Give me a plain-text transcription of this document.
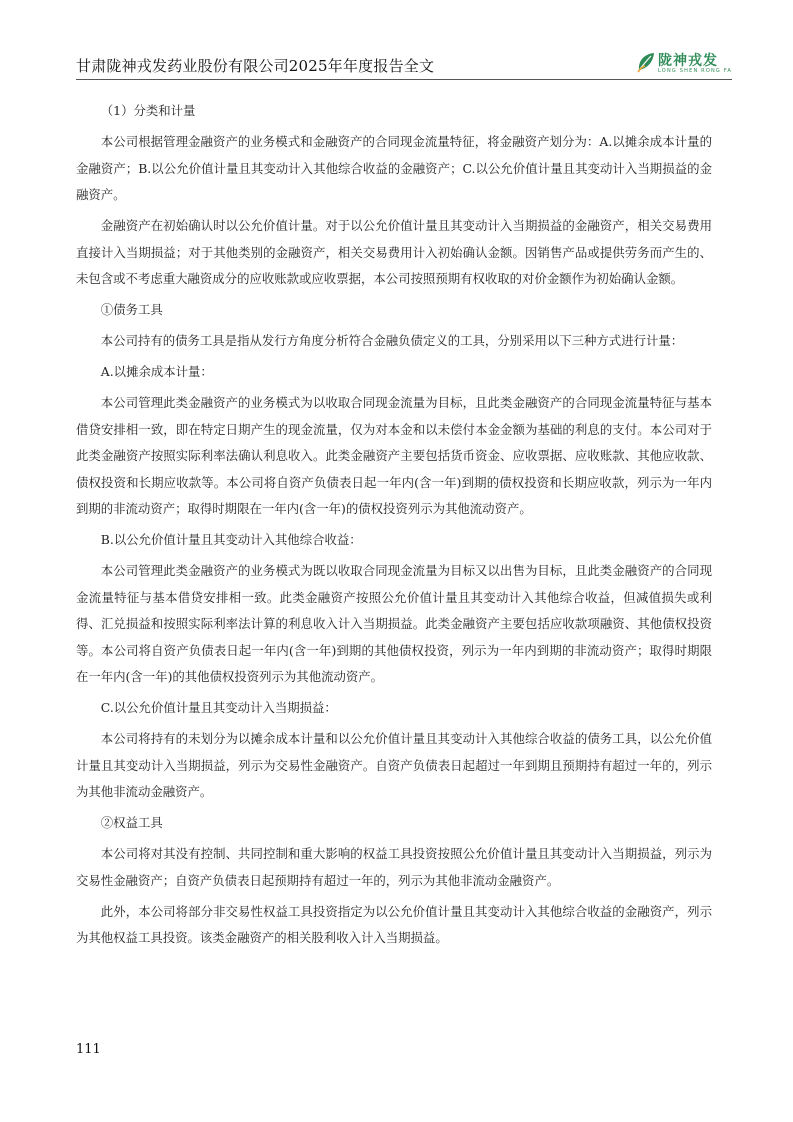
甘肃陇神戎发药业股份有限公司2025年年度报告全文	陇神戎发
LONG SHEN RONG FA

（1）分类和计量

本公司根据管理金融资产的业务模式和金融资产的合同现金流量特征，将金融资产划分为：A.以摊余成本计量的金融资产；B.以公允价值计量且其变动计入其他综合收益的金融资产；C.以公允价值计量且其变动计入当期损益的金融资产。

金融资产在初始确认时以公允价值计量。对于以公允价值计量且其变动计入当期损益的金融资产，相关交易费用直接计入当期损益；对于其他类别的金融资产，相关交易费用计入初始确认金额。因销售产品或提供劳务而产生的、未包含或不考虑重大融资成分的应收账款或应收票据，本公司按照预期有权收取的对价金额作为初始确认金额。

①债务工具

本公司持有的债务工具是指从发行方角度分析符合金融负债定义的工具，分别采用以下三种方式进行计量：

A.以摊余成本计量：

本公司管理此类金融资产的业务模式为以收取合同现金流量为目标，且此类金融资产的合同现金流量特征与基本借贷安排相一致，即在特定日期产生的现金流量，仅为对本金和以未偿付本金金额为基础的利息的支付。本公司对于此类金融资产按照实际利率法确认利息收入。此类金融资产主要包括货币资金、应收票据、应收账款、其他应收款、债权投资和长期应收款等。本公司将自资产负债表日起一年内(含一年)到期的债权投资和长期应收款，列示为一年内到期的非流动资产；取得时期限在一年内(含一年)的债权投资列示为其他流动资产。

B.以公允价值计量且其变动计入其他综合收益：

本公司管理此类金融资产的业务模式为既以收取合同现金流量为目标又以出售为目标，且此类金融资产的合同现金流量特征与基本借贷安排相一致。此类金融资产按照公允价值计量且其变动计入其他综合收益，但减值损失或利得、汇兑损益和按照实际利率法计算的利息收入计入当期损益。此类金融资产主要包括应收款项融资、其他债权投资等。本公司将自资产负债表日起一年内(含一年)到期的其他债权投资，列示为一年内到期的非流动资产；取得时期限在一年内(含一年)的其他债权投资列示为其他流动资产。

C.以公允价值计量且其变动计入当期损益：

本公司将持有的未划分为以摊余成本计量和以公允价值计量且其变动计入其他综合收益的债务工具，以公允价值计量且其变动计入当期损益，列示为交易性金融资产。自资产负债表日起超过一年到期且预期持有超过一年的，列示为其他非流动金融资产。

②权益工具

本公司将对其没有控制、共同控制和重大影响的权益工具投资按照公允价值计量且其变动计入当期损益，列示为交易性金融资产；自资产负债表日起预期持有超过一年的，列示为其他非流动金融资产。

此外，本公司将部分非交易性权益工具投资指定为以公允价值计量且其变动计入其他综合收益的金融资产，列示为其他权益工具投资。该类金融资产的相关股利收入计入当期损益。

111
